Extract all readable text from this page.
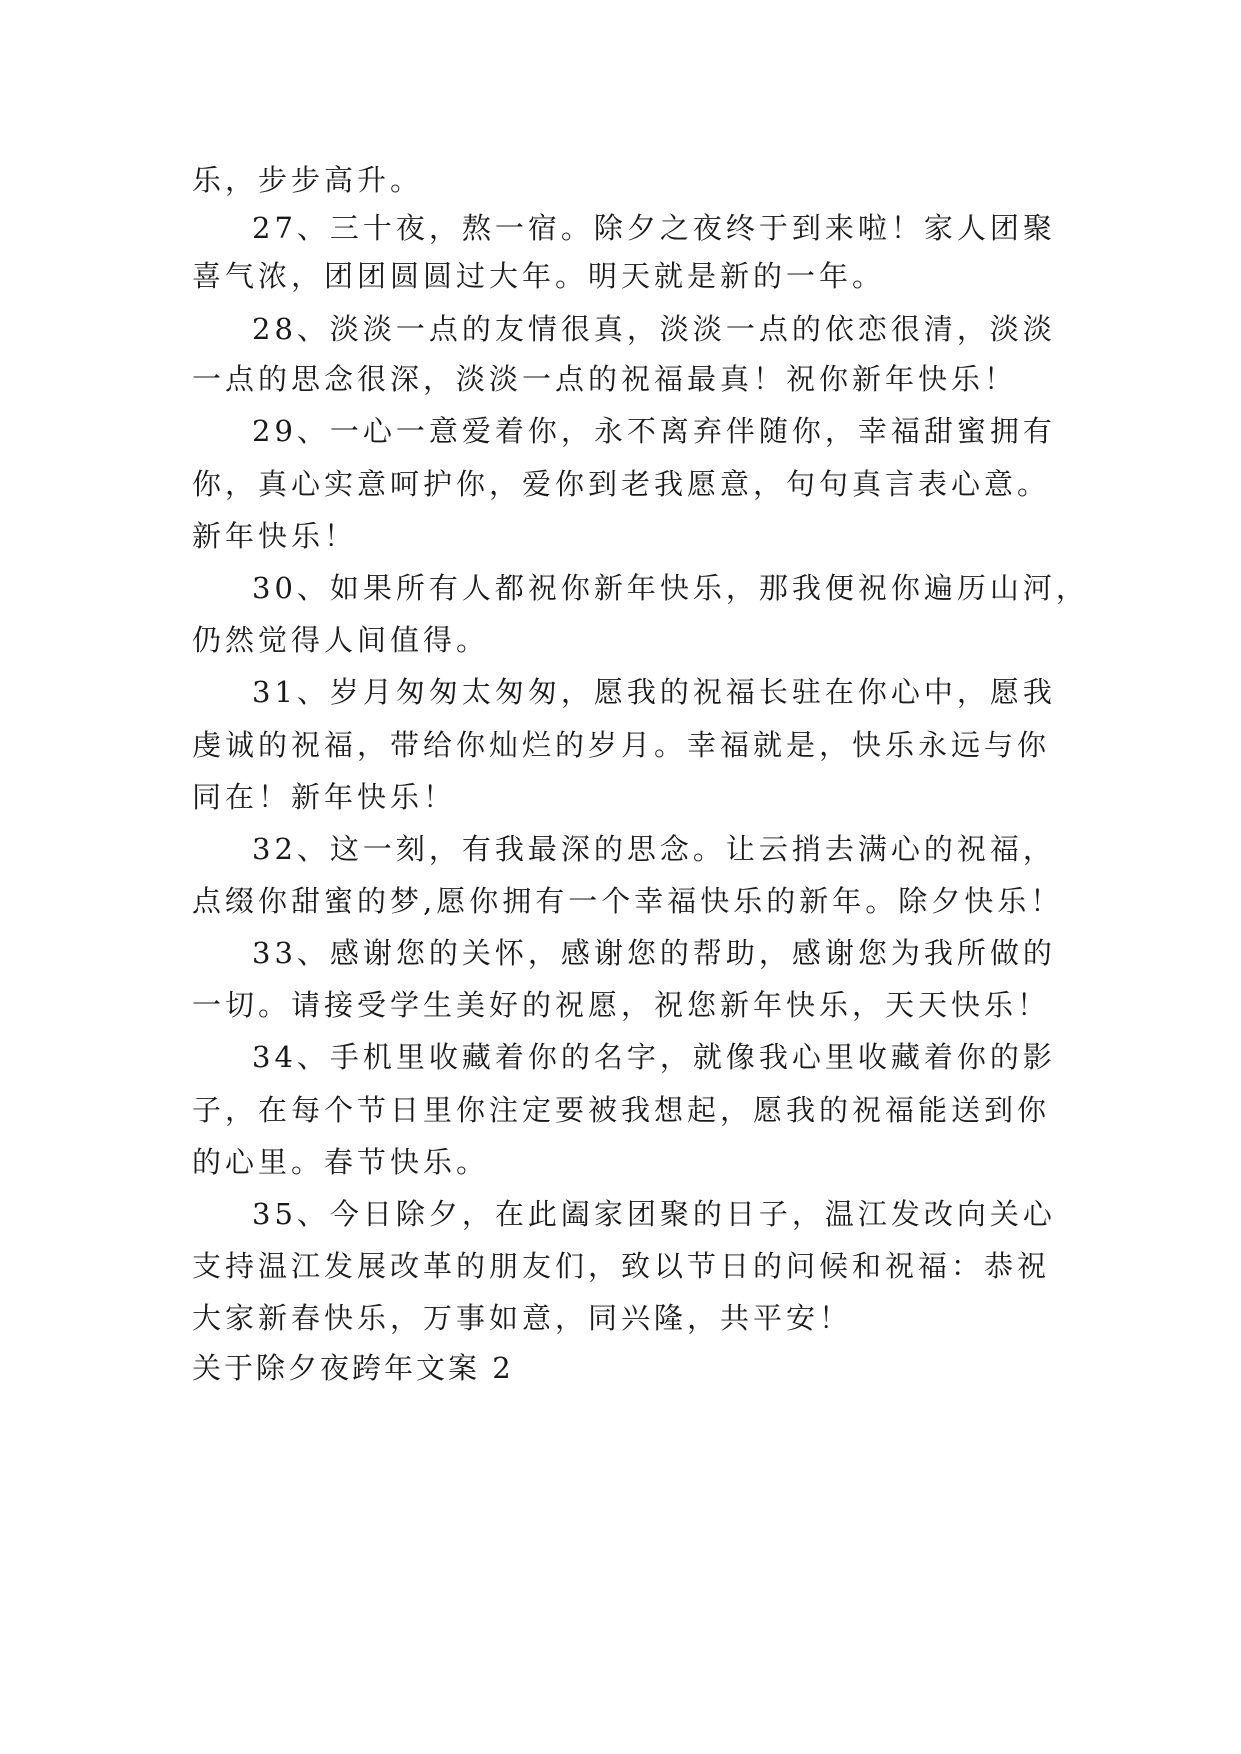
乐，步步高升。
27、三十夜，熬一宿。除夕之夜终于到来啦！家人团聚
喜气浓，团团圆圆过大年。明天就是新的一年。
28、淡淡一点的友情很真，淡淡一点的依恋很清，淡淡
一点的思念很深，淡淡一点的祝福最真！祝你新年快乐！
29、一心一意爱着你，永不离弃伴随你，幸福甜蜜拥有
你，真心实意呵护你，爱你到老我愿意，句句真言表心意。
新年快乐！
30、如果所有人都祝你新年快乐，那我便祝你遍历山河，
仍然觉得人间值得。
31、岁月匆匆太匆匆，愿我的祝福长驻在你心中，愿我
虔诚的祝福，带给你灿烂的岁月。幸福就是，快乐永远与你
同在！新年快乐！
32、这一刻，有我最深的思念。让云捎去满心的祝福，
点缀你甜蜜的梦,愿你拥有一个幸福快乐的新年。除夕快乐！
33、感谢您的关怀，感谢您的帮助，感谢您为我所做的
一切。请接受学生美好的祝愿，祝您新年快乐，天天快乐！
34、手机里收藏着你的名字，就像我心里收藏着你的影
子，在每个节日里你注定要被我想起，愿我的祝福能送到你
的心里。春节快乐。
35、今日除夕，在此阖家团聚的日子，温江发改向关心
支持温江发展改革的朋友们，致以节日的问候和祝福：恭祝
大家新春快乐，万事如意，同兴隆，共平安！
关于除夕夜跨年文案 2
